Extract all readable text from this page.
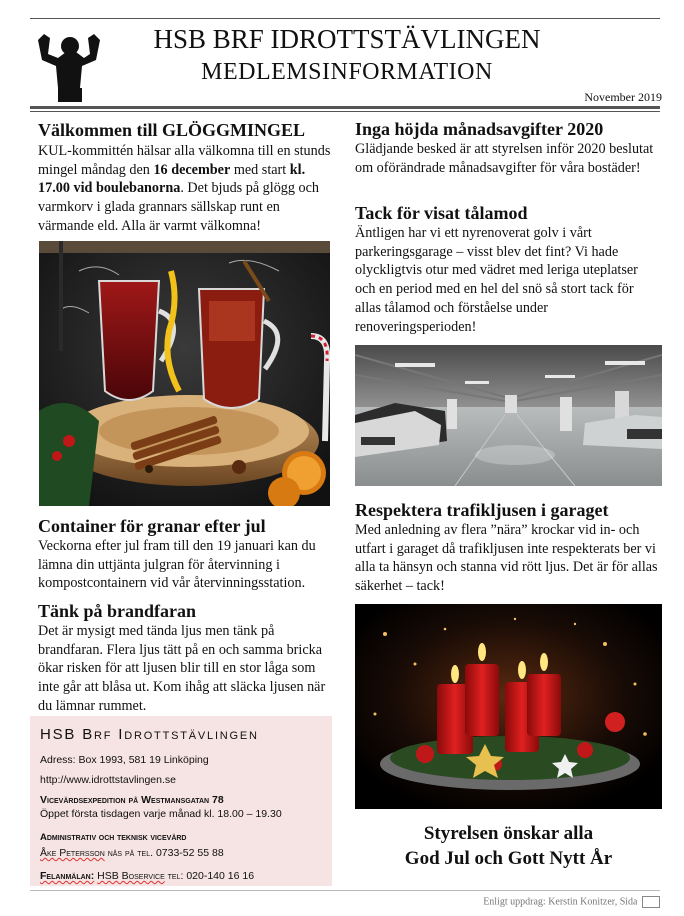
HSB BRF IDROTTSTÄVLINGEN
MEDLEMSINFORMATION
November 2019
Välkommen till GLÖGGMINGEL

KUL-kommittén hälsar alla välkomna till en stunds mingel måndag den 16 december med start kl. 17.00 vid boulebanorna. Det bjuds på glögg och varmkorv i glada grannars sällskap runt en värmande eld. Alla är varmt välkomna!

Container för granar efter jul

Veckorna efter jul fram till den 19 januari kan du lämna din uttjänta julgran för återvinning i kompostcontainern vid vår återvinningsstation.

Tänk på brandfaran

Det är mysigt med tända ljus men tänk på brandfaran. Flera ljus tätt på en och samma bricka ökar risken för att ljusen blir till en stor låga som inte går att blåsa ut. Kom ihåg att släcka ljusen när du lämnar rummet.

HSB Brf Idrottstävlingen
Adress: Box 1993, 581 19 Linköping
http://www.idrottstavlingen.se
Vicevärdsexpedition på Westmansgatan 78
Öppet första tisdagen varje månad kl. 18.00 – 19.30
Administrativ och teknisk vicevärd
Åke Petersson nås på tel. 0733-52 55 88
Felanmälan: HSB Boservice tel: 020-140 16 16
Inga höjda månadsavgifter 2020

Glädjande besked är att styrelsen inför 2020 beslutat om oförändrade månadsavgifter för våra bostäder!

Tack för visat tålamod

Äntligen har vi ett nyrenoverat golv i vårt parkeringsgarage – visst blev det fint? Vi hade olyckligtvis otur med vädret med leriga uteplatser och en period med en hel del snö så stort tack för allas tålamod och förståelse under renoveringsperioden!

Respektera trafikljusen i garaget

Med anledning av flera ”nära” krockar vid in- och utfart i garaget då trafikljusen inte respekterats ber vi alla ta hänsyn och stanna vid rött ljus. Det är för allas säkerhet – tack!

Styrelsen önskar alla
God Jul och Gott Nytt År
Enligt uppdrag: Kerstin Konitzer, Sida
